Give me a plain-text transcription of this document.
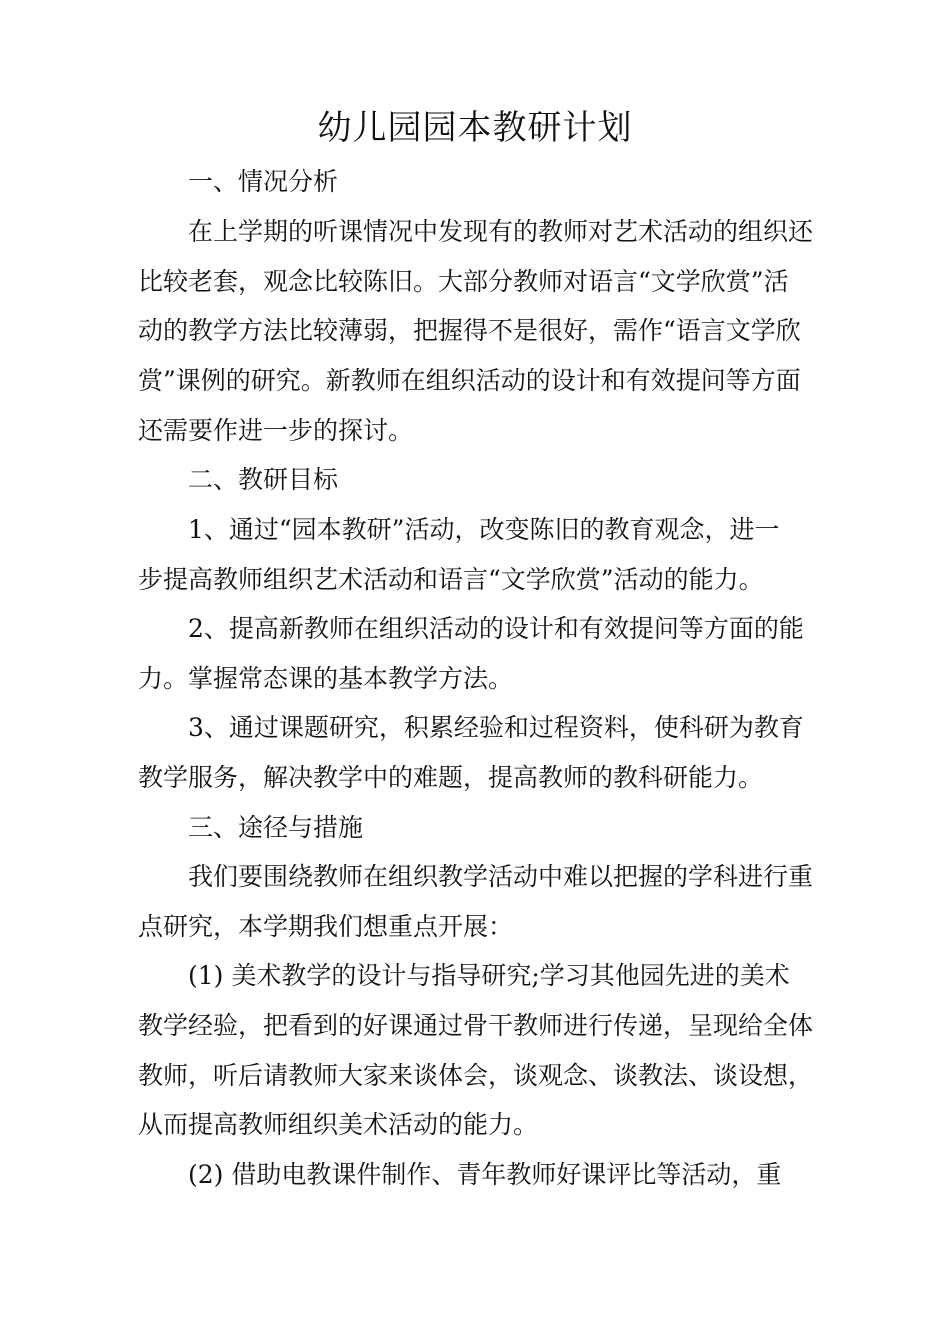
幼儿园园本教研计划
一、情况分析
在上学期的听课情况中发现有的教师对艺术活动的组织还
比较老套，观念比较陈旧。大部分教师对语言“文学欣赏”活
动的教学方法比较薄弱，把握得不是很好，需作“语言文学欣
赏”课例的研究。新教师在组织活动的设计和有效提问等方面
还需要作进一步的探讨。
二、教研目标
1、通过“园本教研”活动，改变陈旧的教育观念，进一
步提高教师组织艺术活动和语言“文学欣赏”活动的能力。
2、提高新教师在组织活动的设计和有效提问等方面的能
力。掌握常态课的基本教学方法。
3、通过课题研究，积累经验和过程资料，使科研为教育
教学服务，解决教学中的难题，提高教师的教科研能力。
三、途径与措施
我们要围绕教师在组织教学活动中难以把握的学科进行重
点研究，本学期我们想重点开展：
(1) 美术教学的设计与指导研究;学习其他园先进的美术
教学经验，把看到的好课通过骨干教师进行传递，呈现给全体
教师，听后请教师大家来谈体会，谈观念、谈教法、谈设想，
从而提高教师组织美术活动的能力。
(2) 借助电教课件制作、青年教师好课评比等活动，重
